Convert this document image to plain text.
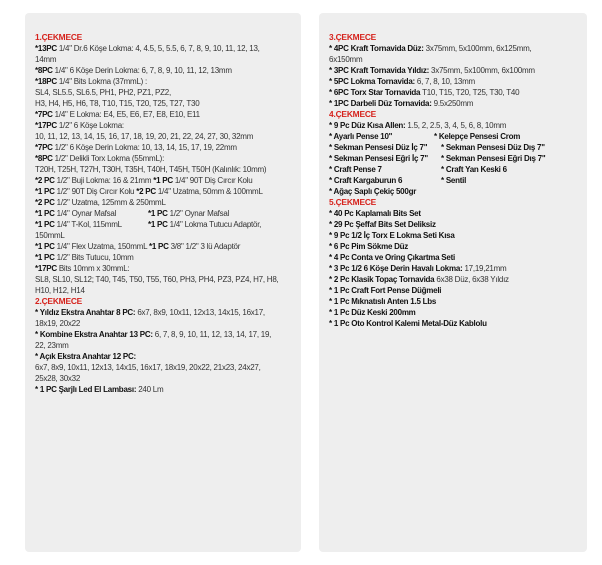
1.ÇEKMECE
*13PC 1/4" Dr.6 Köşe Lokma: 4, 4.5, 5, 5.5, 6, 7, 8, 9, 10, 11, 12, 13,
14mm
*8PC 1/4" 6 Köşe Derin Lokma: 6, 7, 8, 9, 10, 11, 12, 13mm
*18PC 1/4" Bits Lokma (37mmL) :
SL4, SL5.5, SL6.5, PH1, PH2, PZ1, PZ2,
H3, H4, H5, H6, T8, T10, T15, T20, T25, T27, T30
*7PC 1/4" E Lokma: E4, E5, E6, E7, E8, E10, E11
*17PC 1/2" 6 Köşe Lokma:
10, 11, 12, 13, 14, 15, 16, 17, 18, 19, 20, 21, 22, 24, 27, 30, 32mm
*7PC 1/2" 6 Köşe Derin Lokma: 10, 13, 14, 15, 17, 19, 22mm
*8PC 1/2" Delikli Torx Lokma (55mmL):
T20H, T25H, T27H, T30H, T35H, T40H, T45H, T50H (Kalınlık: 10mm)
*2 PC 1/2" Buji Lokma: 16 & 21mm *1 PC 1/4" 90T Diş Cırcır Kolu
*1 PC 1/2" 90T Diş Cırcır Kolu *2 PC 1/4" Uzatma, 50mm & 100mmL
*2 PC 1/2" Uzatma, 125mm & 250mmL
*1 PC 1/4" Oynar Mafsal	*1 PC 1/2" Oynar Mafsal
*1 PC 1/4" T-Kol, 115mmL	*1 PC 1/4" Lokma Tutucu Adaptör,
150mmL
*1 PC 1/4" Flex Uzatma, 150mmL *1 PC 3/8" 1/2" 3 lü Adaptör
*1 PC 1/2" Bits Tutucu, 10mm
*17PC Bits 10mm x 30mmL:
SL8, SL10, SL12; T40, T45, T50, T55, T60, PH3, PH4, PZ3, PZ4, H7, H8,
H10, H12, H14
2.ÇEKMECE
* Yıldız Ekstra Anahtar 8 PC: 6x7, 8x9, 10x11, 12x13, 14x15, 16x17,
18x19, 20x22
* Kombine Ekstra Anahtar 13 PC: 6, 7, 8, 9, 10, 11, 12, 13, 14, 17, 19,
22, 23mm
* Açık Ekstra Anahtar 12 PC:
6x7, 8x9, 10x11, 12x13, 14x15, 16x17, 18x19, 20x22, 21x23, 24x27,
25x28, 30x32
* 1 PC Şarjlı Led El Lambası: 240 Lm
3.ÇEKMECE
* 4PC Kraft Tornavida Düz: 3x75mm, 5x100mm, 6x125mm,
6x150mm
* 3PC Kraft Tornavida Yıldız: 3x75mm, 5x100mm, 6x100mm
* 5PC Lokma Tornavida: 6, 7, 8, 10, 13mm
* 6PC Torx Star Tornavida T10, T15, T20, T25, T30, T40
* 1PC Darbeli Düz Tornavida: 9.5x250mm
4.ÇEKMECE
* 9 Pc Düz Kısa Allen: 1.5, 2, 2.5, 3, 4, 5, 6, 8, 10mm
* Ayarlı Pense 10"	* Kelepçe Pensesi Crom
* Sekman Pensesi Düz İç 7"	* Sekman Pensesi Düz Dış 7"
* Sekman Pensesi Eğri İç 7"	* Sekman Pensesi Eğri Dış 7"
* Craft Pense 7	* Craft Yan Keski 6
* Craft Kargaburun 6	* Sentil
* Ağaç Saplı Çekiç 500gr
5.ÇEKMECE
* 40 Pc Kaplamalı Bits Set
* 29 Pc Şeffaf Bits Set Deliksiz
* 9 Pc 1/2 İç Torx E Lokma Seti Kısa
* 6 Pc Pim Sökme Düz
* 4 Pc Conta ve Oring Çıkartma Seti
* 3 Pc 1/2 6 Köşe Derin Havalı Lokma: 17,19,21mm
* 2 Pc Klasik Topaç Tornavida 6x38 Düz, 6x38 Yıldız
* 1 Pc Craft Fort Pense Düğmeli
* 1 Pc Mıknatıslı Anten 1.5 Lbs
* 1 Pc Düz Keski 200mm
* 1 Pc Oto Kontrol Kalemi Metal-Düz Kablolu
